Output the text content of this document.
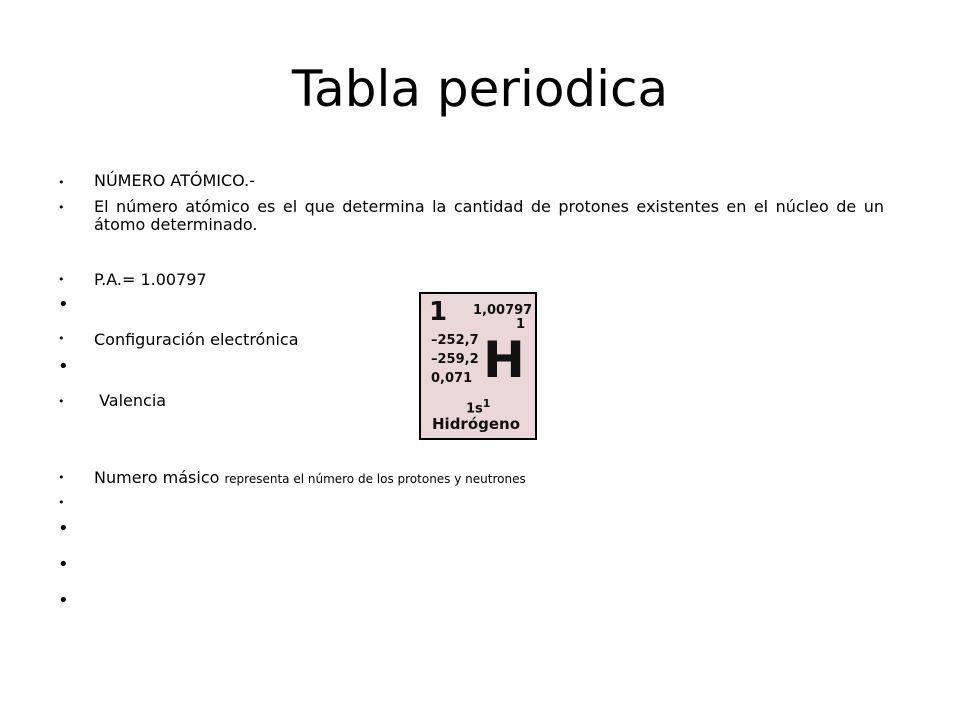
Tabla periodica
•
•
•
•
•
•
•
•
•
•
•
•
NÚMERO ATÓMICO.-
El número atómico es el que determina la cantidad de protones existentes en el núcleo de un átomo determinado.
P.A.= 1.00797
Configuración electrónica
Valencia
Numero másico representa el número de los protones y neutrones
1 1,00797
1
–252,7
–259,2
0,071 H
$1s^1$
Hidrógeno
